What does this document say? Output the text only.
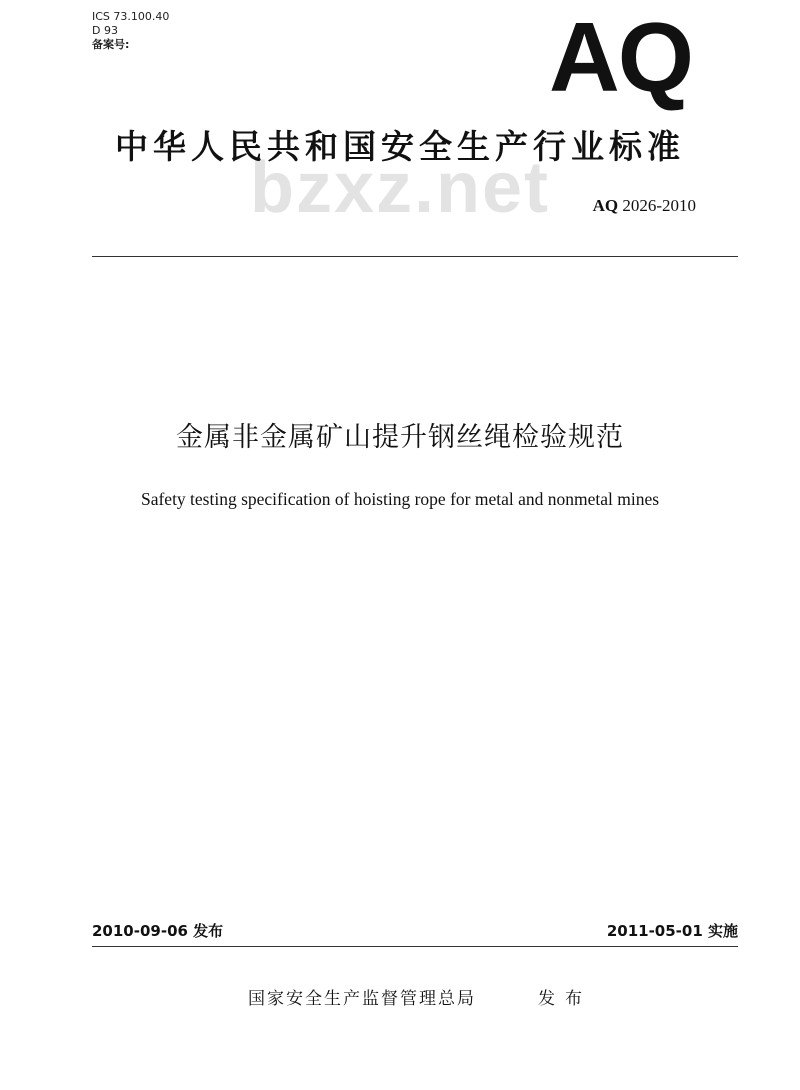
ICS 73.100.40
D 93
备案号:	AQ
bzxz.net
中华人民共和国安全生产行业标准
AQ 2026-2010
金属非金属矿山提升钢丝绳检验规范
Safety testing specification of hoisting rope for metal and nonmetal mines
2010-09-06 发布	2011-05-01 实施
国家安全生产监督管理总局	发布
